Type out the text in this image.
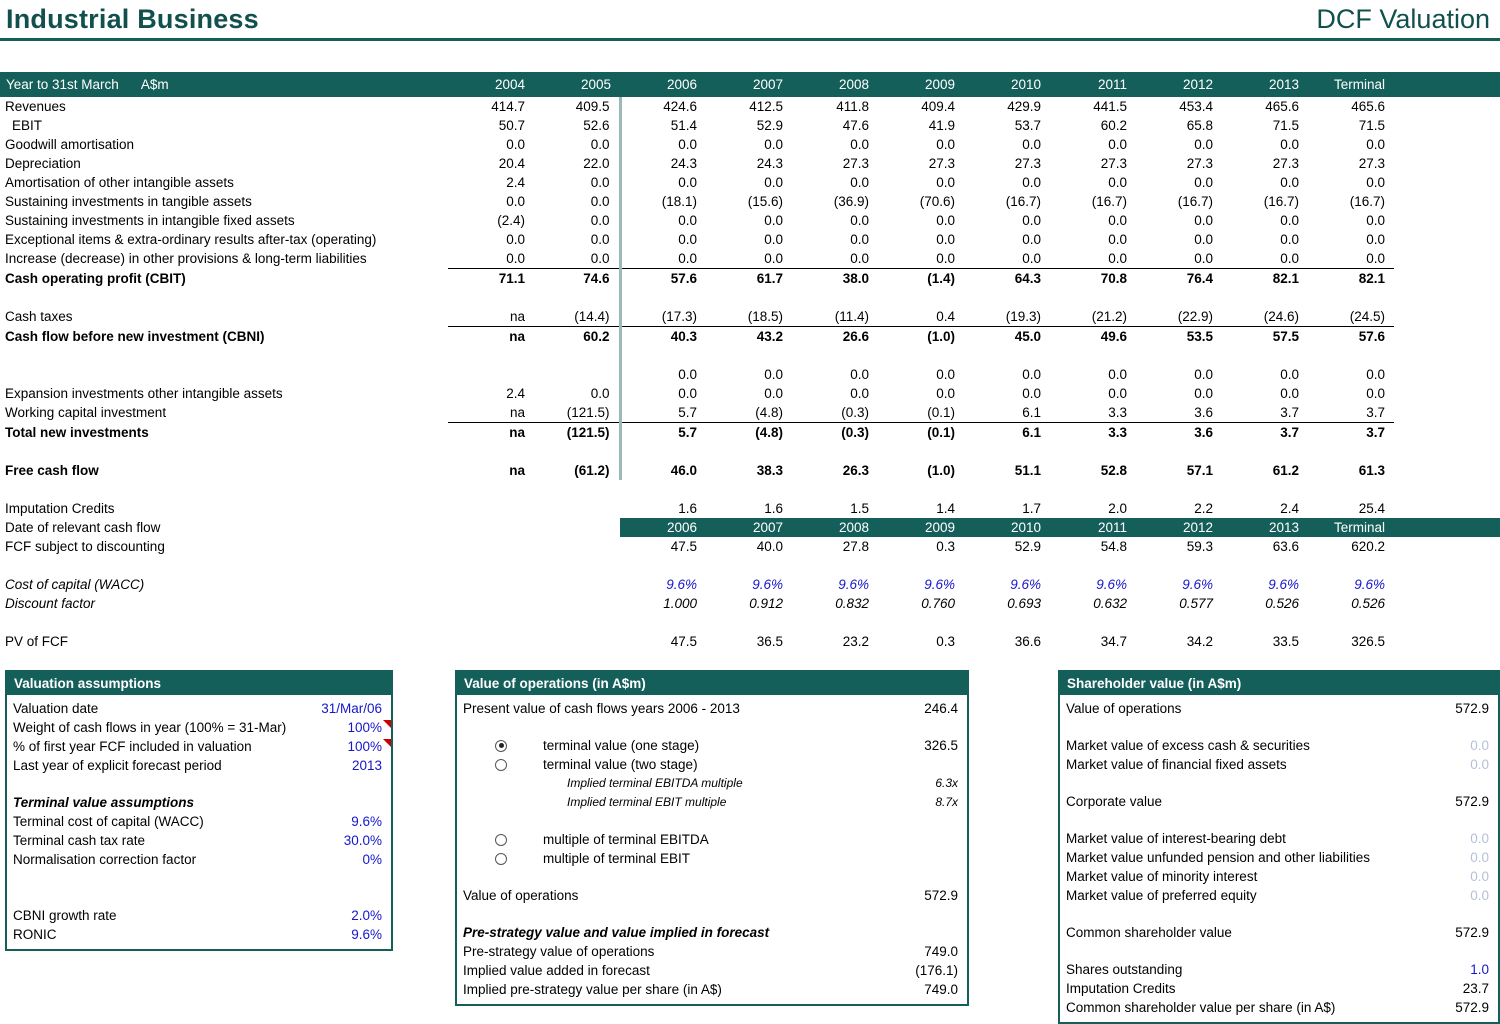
Industrial Business	DCF Valuation
Year to 31st March A$m	2004	2005	2006	2007	2008	2009	2010	2011	2012	2013	Terminal	
Revenues	414.7	409.5	424.6	412.5	411.8	409.4	429.9	441.5	453.4	465.6	465.6	
EBIT	50.7	52.6	51.4	52.9	47.6	41.9	53.7	60.2	65.8	71.5	71.5	
Goodwill amortisation	0.0	0.0	0.0	0.0	0.0	0.0	0.0	0.0	0.0	0.0	0.0	
Depreciation	20.4	22.0	24.3	24.3	27.3	27.3	27.3	27.3	27.3	27.3	27.3	
Amortisation of other intangible assets	2.4	0.0	0.0	0.0	0.0	0.0	0.0	0.0	0.0	0.0	0.0	
Sustaining investments in tangible assets	0.0	0.0	(18.1)	(15.6)	(36.9)	(70.6)	(16.7)	(16.7)	(16.7)	(16.7)	(16.7)	
Sustaining investments in intangible fixed assets	(2.4)	0.0	0.0	0.0	0.0	0.0	0.0	0.0	0.0	0.0	0.0	
Exceptional items & extra-ordinary results after-tax (operating)	0.0	0.0	0.0	0.0	0.0	0.0	0.0	0.0	0.0	0.0	0.0	
Increase (decrease) in other provisions & long-term liabilities	0.0	0.0	0.0	0.0	0.0	0.0	0.0	0.0	0.0	0.0	0.0	
Cash operating profit (CBIT)	71.1	74.6	57.6	61.7	38.0	(1.4)	64.3	70.8	76.4	82.1	82.1	

Cash taxes	na	(14.4)	(17.3)	(18.5)	(11.4)	0.4	(19.3)	(21.2)	(22.9)	(24.6)	(24.5)	
Cash flow before new investment (CBNI)	na	60.2	40.3	43.2	26.6	(1.0)	45.0	49.6	53.5	57.5	57.6	

			0.0	0.0	0.0	0.0	0.0	0.0	0.0	0.0	0.0	
Expansion investments other intangible assets	2.4	0.0	0.0	0.0	0.0	0.0	0.0	0.0	0.0	0.0	0.0	
Working capital investment	na	(121.5)	5.7	(4.8)	(0.3)	(0.1)	6.1	3.3	3.6	3.7	3.7	
Total new investments	na	(121.5)	5.7	(4.8)	(0.3)	(0.1)	6.1	3.3	3.6	3.7	3.7	

Free cash flow	na	(61.2)	46.0	38.3	26.3	(1.0)	51.1	52.8	57.1	61.2	61.3	

Imputation Credits			1.6	1.6	1.5	1.4	1.7	2.0	2.2	2.4	25.4	
Date of relevant cash flow			2006	2007	2008	2009	2010	2011	2012	2013	Terminal	
FCF subject to discounting			47.5	40.0	27.8	0.3	52.9	54.8	59.3	63.6	620.2	

Cost of capital (WACC)			9.6%	9.6%	9.6%	9.6%	9.6%	9.6%	9.6%	9.6%	9.6%	
Discount factor			1.000	0.912	0.832	0.760	0.693	0.632	0.577	0.526	0.526	

PV of FCF			47.5	36.5	23.2	0.3	36.6	34.7	34.2	33.5	326.5	
Valuation assumptions
Valuation date	31/Mar/06
Weight of cash flows in year (100% = 31-Mar)	100%
% of first year FCF included in valuation	100%
Last year of explicit forecast period	2013
Terminal value assumptions
Terminal cost of capital (WACC)	9.6%
Terminal cash tax rate	30.0%
Normalisation correction factor	0%
CBNI growth rate	2.0%
RONIC	9.6%
Value of operations (in A$m)
Present value of cash flows years 2006 - 2013	246.4
terminal value (one stage)	326.5
terminal value (two stage)
Implied terminal EBITDA multiple	6.3x
Implied terminal EBIT multiple	8.7x
multiple of terminal EBITDA
multiple of terminal EBIT
Value of operations	572.9
Pre-strategy value and value implied in forecast
Pre-strategy value of operations	749.0
Implied value added in forecast	(176.1)
Implied pre-strategy value per share (in A$)	749.0
Shareholder value (in A$m)
Value of operations	572.9
Market value of excess cash & securities	0.0
Market value of financial fixed assets	0.0
Corporate value	572.9
Market value of interest-bearing debt	0.0
Market value unfunded pension and other liabilities	0.0
Market value of minority interest	0.0
Market value of preferred equity	0.0
Common shareholder value	572.9
Shares outstanding	1.0
Imputation Credits	23.7
Common shareholder value per share (in A$)	572.9
